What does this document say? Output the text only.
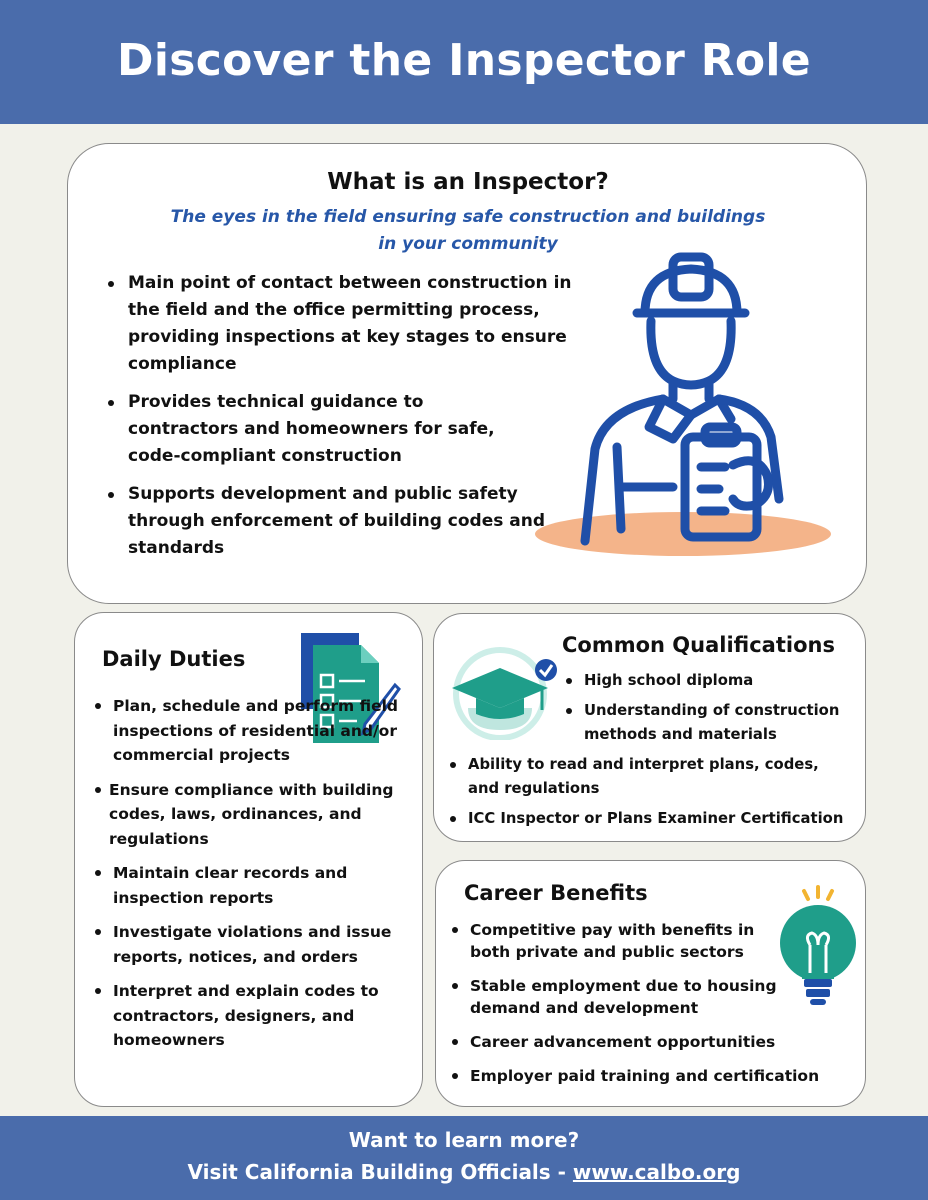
Discover the Inspector Role
What is an Inspector?
The eyes in the field ensuring safe construction and buildings in your community
Main point of contact between construction in the field and the office permitting process, providing inspections at key stages to ensure compliance
Provides technical guidance to contractors and homeowners for safe, code-compliant construction
Supports development and public safety through enforcement of building codes and standards
Daily Duties
Plan, schedule and perform field inspections of residential and/or commercial projects
Ensure compliance with building codes, laws, ordinances, and regulations
Maintain clear records and inspection reports
Investigate violations and issue reports, notices, and orders
Interpret and explain codes to contractors, designers, and homeowners
Common Qualifications
High school diploma
Understanding of construction methods and materials
Ability to read and interpret plans, codes, and regulations
ICC Inspector or Plans Examiner Certification
Career Benefits
Competitive pay with benefits in both private and public sectors
Stable employment due to housing demand and development
Career advancement opportunities
Employer paid training and certification
Want to learn more?
Visit California Building Officials - www.calbo.org
